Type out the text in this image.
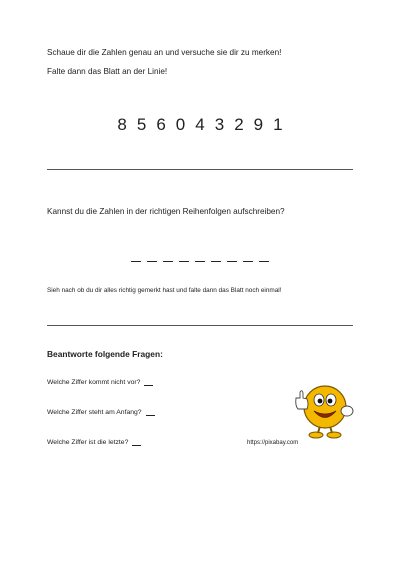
Schaue dir die Zahlen genau an und versuche sie dir zu merken!
Falte dann das Blatt an der Linie!
8 5 6 0 4 3 2 9 1
Kannst du die Zahlen in der richtigen Reihenfolgen aufschreiben?
Sieh nach ob du dir alles richtig gemerkt hast und falte dann das Blatt noch einmal!
Beantworte folgende Fragen:
Welche Ziffer kommt nicht vor?
Welche Ziffer steht am Anfang?
Welche Ziffer ist die letzte?	https://pixabay.com
